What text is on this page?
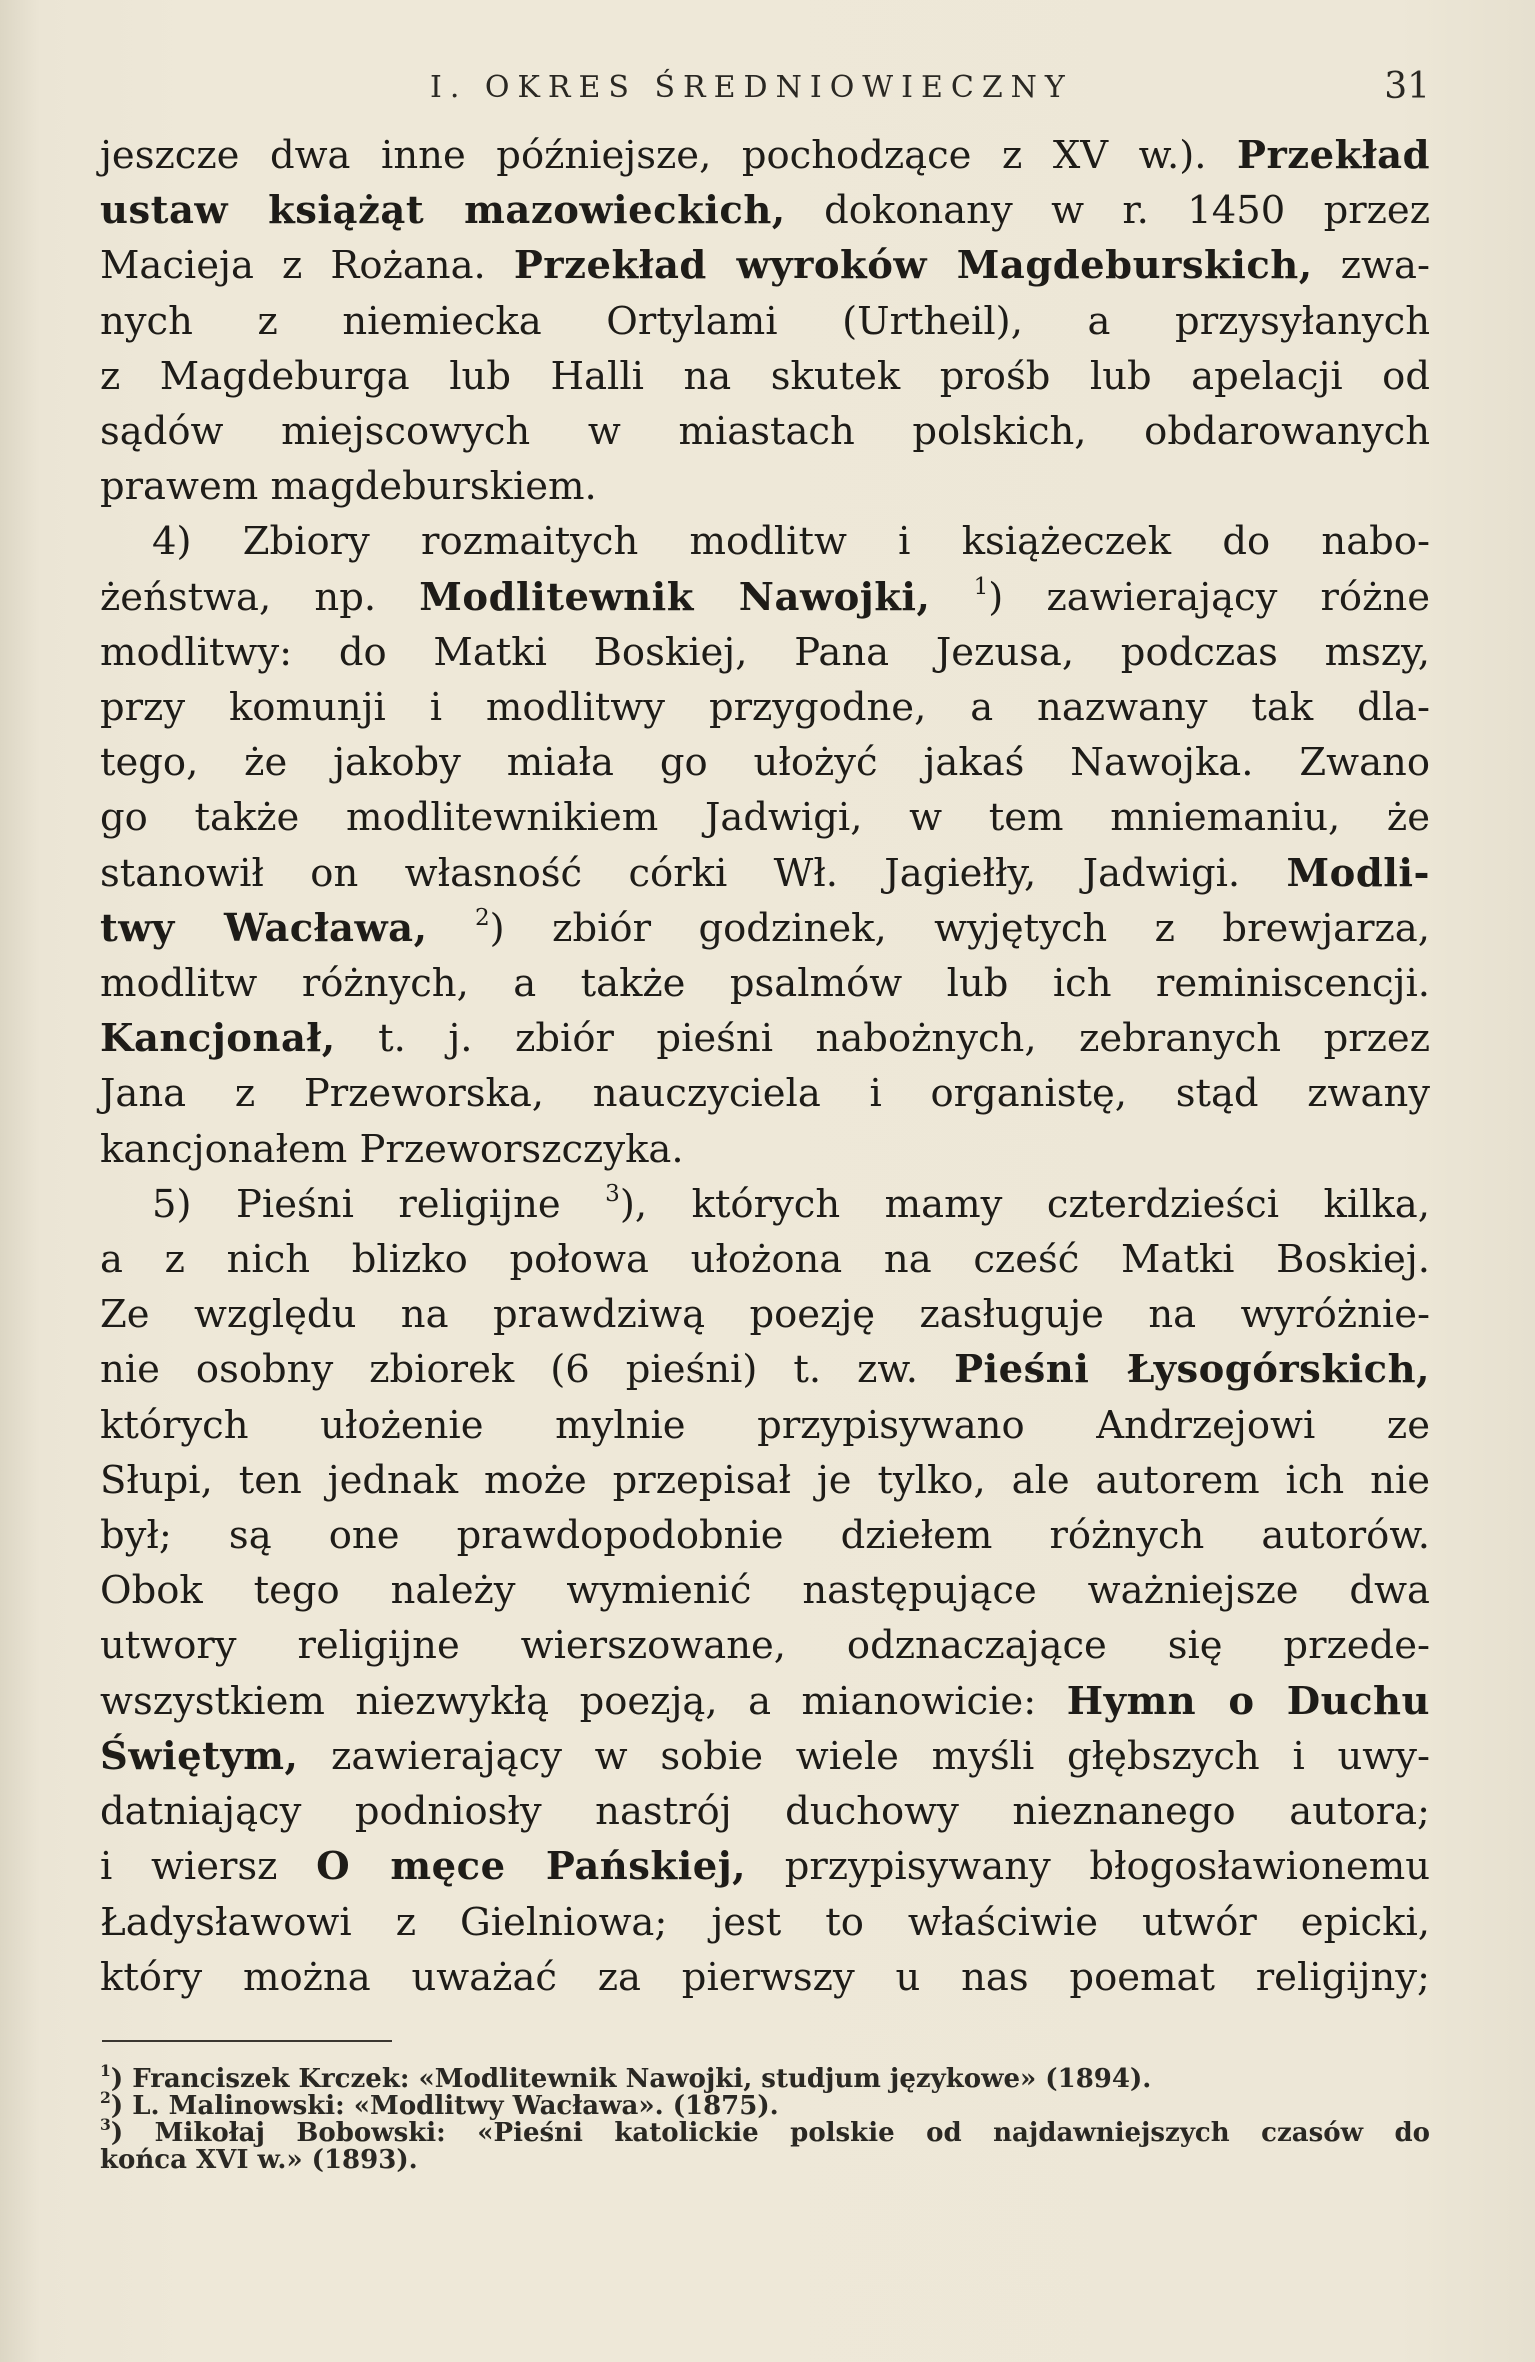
I. OKRES ŚREDNIOWIECZNY	31
jeszcze dwa inne późniejsze, pochodzące z XV w.). Przekład
ustaw książąt mazowieckich, dokonany w r. 1450 przez
Macieja z Rożana. Przekład wyroków Magdeburskich, zwa-
nych z niemiecka Ortylami (Urtheil), a przysyłanych
z Magdeburga lub Halli na skutek prośb lub apelacji od
sądów miejscowych w miastach polskich, obdarowanych
prawem magdeburskiem.
4) Zbiory rozmaitych modlitw i książeczek do nabo-
żeństwa, np. Modlitewnik Nawojki, $^1$) zawierający różne
modlitwy: do Matki Boskiej, Pana Jezusa, podczas mszy,
przy komunji i modlitwy przygodne, a nazwany tak dla-
tego, że jakoby miała go ułożyć jakaś Nawojka. Zwano
go także modlitewnikiem Jadwigi, w tem mniemaniu, że
stanowił on własność córki Wł. Jagiełły, Jadwigi. Modli-
twy Wacława, $^2$) zbiór godzinek, wyjętych z brewjarza,
modlitw różnych, a także psalmów lub ich reminiscencji.
Kancjonał, t. j. zbiór pieśni nabożnych, zebranych przez
Jana z Przeworska, nauczyciela i organistę, stąd zwany
kancjonałem Przeworszczyka.
5) Pieśni religijne $^3$), których mamy czterdzieści kilka,
a z nich blizko połowa ułożona na cześć Matki Boskiej.
Ze względu na prawdziwą poezję zasługuje na wyróżnie-
nie osobny zbiorek (6 pieśni) t. zw. Pieśni Łysogórskich,
których ułożenie mylnie przypisywano Andrzejowi ze
Słupi, ten jednak może przepisał je tylko, ale autorem ich nie
był; są one prawdopodobnie dziełem różnych autorów.
Obok tego należy wymienić następujące ważniejsze dwa
utwory religijne wierszowane, odznaczające się przede-
wszystkiem niezwykłą poezją, a mianowicie: Hymn o Duchu
Świętym, zawierający w sobie wiele myśli głębszych i uwy-
datniający podniosły nastrój duchowy nieznanego autora;
i wiersz O męce Pańskiej, przypisywany błogosławionemu
Ładysławowi z Gielniowa; jest to właściwie utwór epicki,
który można uważać za pierwszy u nas poemat religijny;
$^1$) Franciszek Krczek: «Modlitewnik Nawojki, studjum językowe» (1894).
$^2$) L. Malinowski: «Modlitwy Wacława». (1875).
$^3$) Mikołaj Bobowski: «Pieśni katolickie polskie od najdawniejszych czasów do
końca XVI w.» (1893).
